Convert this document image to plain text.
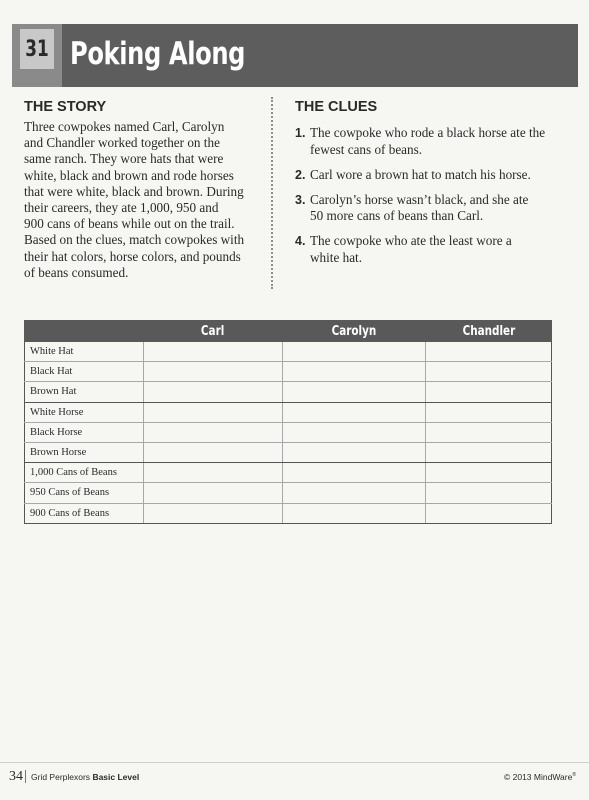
31 Poking Along
THE STORY
Three cowpokes named Carl, Carolyn
and Chandler worked together on the
same ranch. They wore hats that were
white, black and brown and rode horses
that were white, black and brown. During
their careers, they ate 1,000, 950 and
900 cans of beans while out on the trail.
Based on the clues, match cowpokes with
their hat colors, horse colors, and pounds
of beans consumed.
THE CLUES
1. The cowpoke who rode a black horse ate the
fewest cans of beans.
2. Carl wore a brown hat to match his horse.
3. Carolyn’s horse wasn’t black, and she ate
50 more cans of beans than Carl.
4. The cowpoke who ate the least wore a
white hat.
	Carl	Carolyn	Chandler
White Hat			
Black Hat			
Brown Hat			
White Horse			
Black Horse			
Brown Horse			
1,000 Cans of Beans			
950 Cans of Beans			
900 Cans of Beans			
34 Grid Perplexors Basic Level	© 2013 MindWare®
